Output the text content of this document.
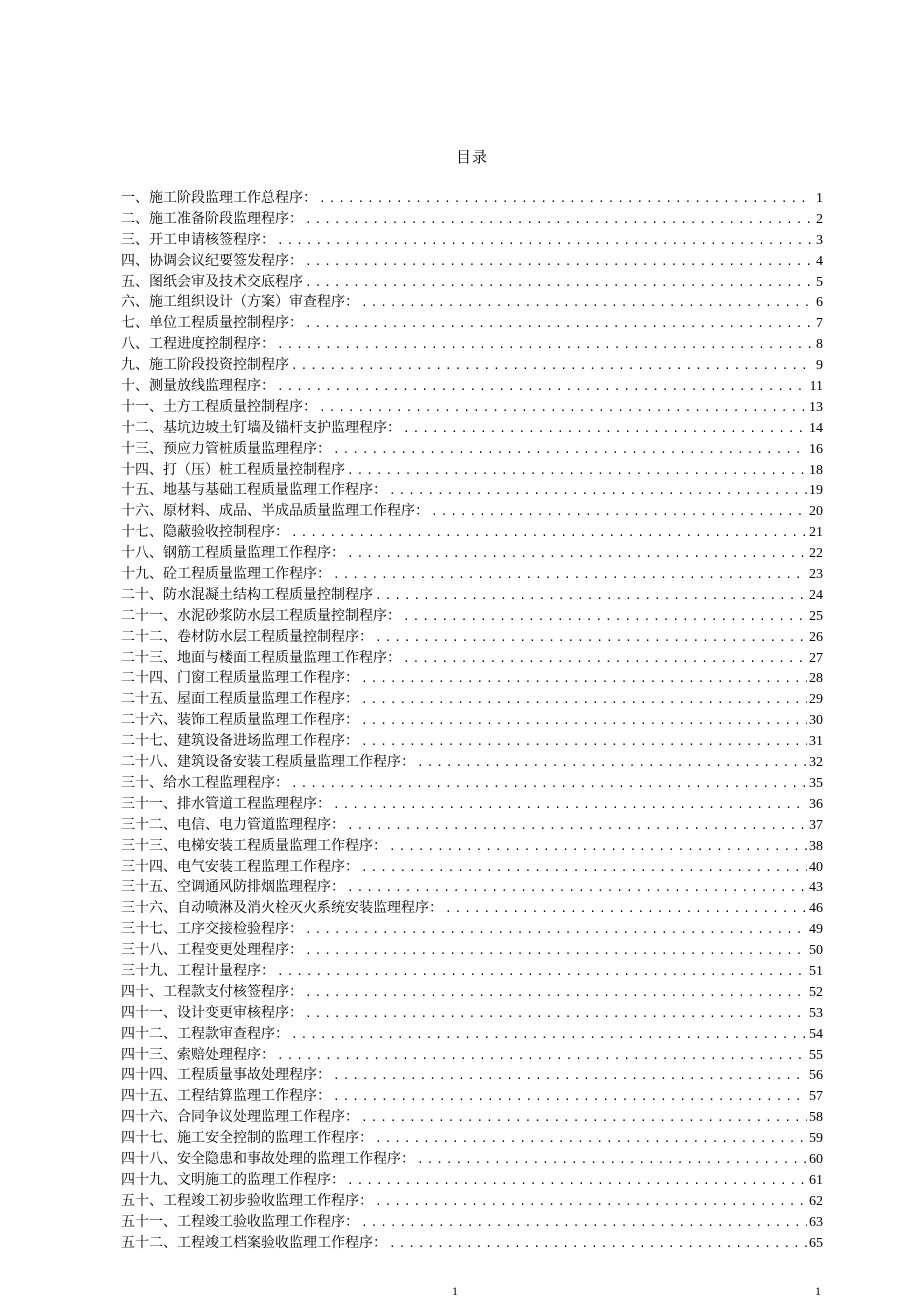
目录
一、施工阶段监理工作总程序： .....	1
二、施工准备阶段监理程序： .....	2
三、开工申请核签程序： .....	3
四、协调会议纪要签发程序： .....	4
五、图纸会审及技术交底程序 .....	5
六、施工组织设计（方案）审查程序： .....	6
七、单位工程质量控制程序： .....	7
八、工程进度控制程序： .....	8
九、施工阶段投资控制程序 .....	9
十、测量放线监理程序： .....	11
十一、土方工程质量控制程序： .....	13
十二、基坑边坡土钉墙及锚杆支护监理程序： .....	14
十三、预应力管桩质量监理程序： .....	16
十四、打（压）桩工程质量控制程序 .....	18
十五、地基与基础工程质量监理工作程序： .....	19
十六、原材料、成品、半成品质量监理工作程序： .....	20
十七、隐蔽验收控制程序： .....	21
十八、钢筋工程质量监理工作程序： .....	22
十九、砼工程质量监理工作程序： .....	23
二十、防水混凝土结构工程质量控制程序 .....	24
二十一、水泥砂浆防水层工程质量控制程序： .....	25
二十二、卷材防水层工程质量控制程序： .....	26
二十三、地面与楼面工程质量监理工作程序： .....	27
二十四、门窗工程质量监理工作程序： .....	28
二十五、屋面工程质量监理工作程序： .....	29
二十六、装饰工程质量监理工作程序： .....	30
二十七、建筑设备进场监理工作程序： .....	31
二十八、建筑设备安装工程质量监理工作程序： .....	32
三十、给水工程监理程序： .....	35
三十一、排水管道工程监理程序： .....	36
三十二、电信、电力管道监理程序： .....	37
三十三、电梯安装工程质量监理工作程序： .....	38
三十四、电气安装工程监理工作程序： .....	40
三十五、空调通风防排烟监理程序： .....	43
三十六、自动喷淋及消火栓灭火系统安装监理程序： .....	46
三十七、工序交接检验程序： .....	49
三十八、工程变更处理程序： .....	50
三十九、工程计量程序： .....	51
四十、工程款支付核签程序： .....	52
四十一、设计变更审核程序： .....	53
四十二、工程款审查程序： .....	54
四十三、索赔处理程序： .....	55
四十四、工程质量事故处理程序： .....	56
四十五、工程结算监理工作程序： .....	57
四十六、合同争议处理监理工作程序： .....	58
四十七、施工安全控制的监理工作程序： .....	59
四十八、安全隐患和事故处理的监理工作程序： .....	60
四十九、文明施工的监理工作程序： .....	61
五十、工程竣工初步验收监理工作程序： .....	62
五十一、工程竣工验收监理工作程序： .....	63
五十二、工程竣工档案验收监理工作程序： .....	65
1	1
